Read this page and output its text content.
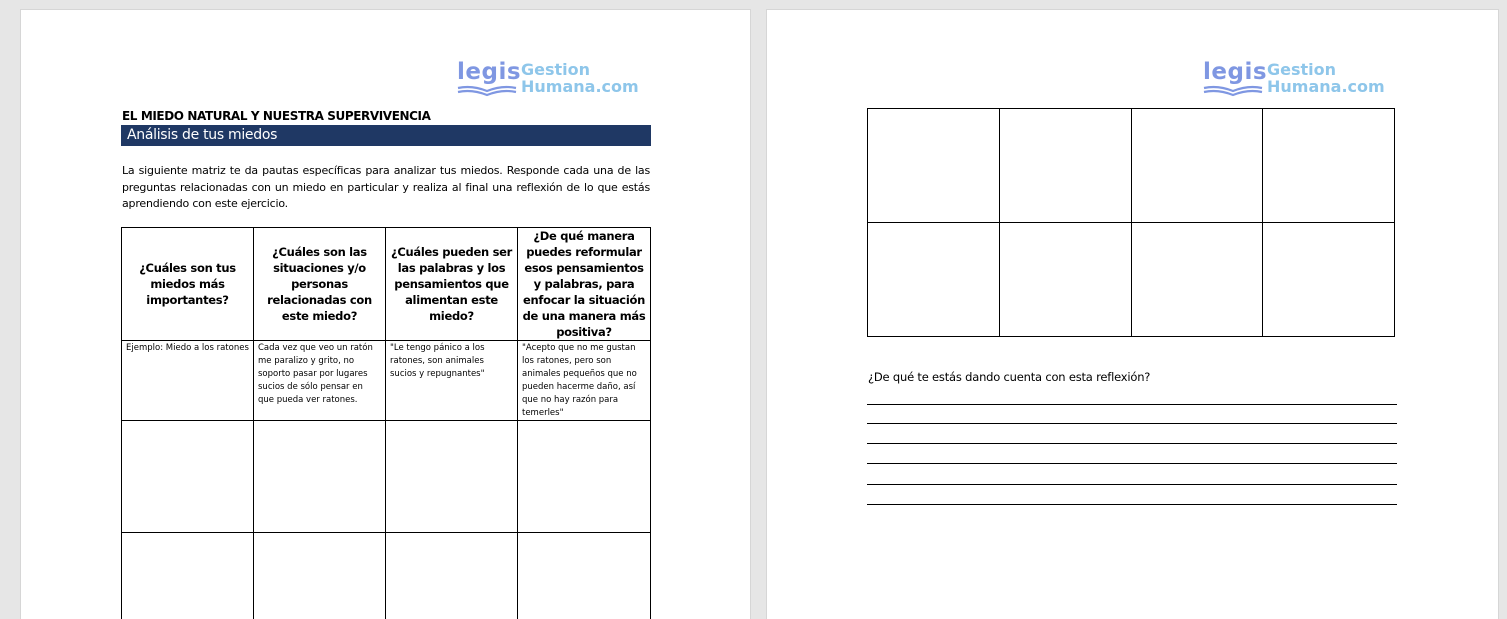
legis Gestion
Humana.com
EL MIEDO NATURAL Y NUESTRA SUPERVIVENCIA
Análisis de tus miedos
La siguiente matriz te da pautas específicas para analizar tus miedos. Responde cada una de las preguntas relacionadas con un miedo en particular y realiza al final una reflexión de lo que estás aprendiendo con este ejercicio.
¿Cuáles son tus miedos más importantes?	¿Cuáles son las situaciones y/o personas relacionadas con este miedo?	¿Cuáles pueden ser las palabras y los pensamientos que alimentan este miedo?	¿De qué manera puedes reformular esos pensamientos y palabras, para enfocar la situación de una manera más positiva?
Ejemplo: Miedo a los ratones	Cada vez que veo un ratón me paralizo y grito, no soporto pasar por lugares sucios de sólo pensar en que pueda ver ratones.	"Le tengo pánico a los ratones, son animales sucios y repugnantes"	"Acepto que no me gustan los ratones, pero son animales pequeños que no pueden hacerme daño, así que no hay razón para temerles"

legis Gestion
Humana.com

¿De qué te estás dando cuenta con esta reflexión?
